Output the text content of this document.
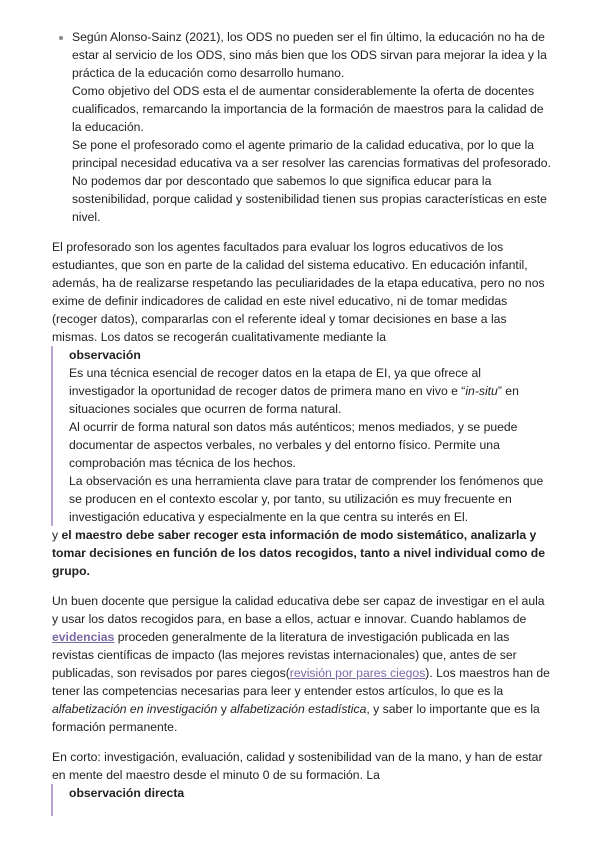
Según Alonso-Sainz (2021), los ODS no pueden ser el fin último, la educación no ha de
estar al servicio de los ODS, sino más bien que los ODS sirvan para mejorar la idea y la
práctica de la educación como desarrollo humano.
Como objetivo del ODS esta el de aumentar considerablemente la oferta de docentes
cualificados, remarcando la importancia de la formación de maestros para la calidad de
la educación.
Se pone el profesorado como el agente primario de la calidad educativa, por lo que la
principal necesidad educativa va a ser resolver las carencias formativas del profesorado.
No podemos dar por descontado que sabemos lo que significa educar para la
sostenibilidad, porque calidad y sostenibilidad tienen sus propias características en este
nivel.
El profesorado son los agentes facultados para evaluar los logros educativos de los
estudiantes, que son en parte de la calidad del sistema educativo. En educación infantil,
además, ha de realizarse respetando las peculiaridades de la etapa educativa, pero no nos
exime de definir indicadores de calidad en este nivel educativo, ni de tomar medidas
(recoger datos), compararlas con el referente ideal y tomar decisiones en base a las
mismas. Los datos se recogerán cualitativamente mediante la
observación
Es una técnica esencial de recoger datos en la etapa de EI, ya que ofrece al
investigador la oportunidad de recoger datos de primera mano en vivo e “in-situ” en
situaciones sociales que ocurren de forma natural.
Al ocurrir de forma natural son datos más auténticos; menos mediados, y se puede
documentar de aspectos verbales, no verbales y del entorno físico. Permite una
comprobación mas técnica de los hechos.
La observación es una herramienta clave para tratar de comprender los fenómenos que
se producen en el contexto escolar y, por tanto, su utilización es muy frecuente en
investigación educativa y especialmente en la que centra su interés en El.
y el maestro debe saber recoger esta información de modo sistemático, analizarla y
tomar decisiones en función de los datos recogidos, tanto a nivel individual como de
grupo.
Un buen docente que persigue la calidad educativa debe ser capaz de investigar en el aula
y usar los datos recogidos para, en base a ellos, actuar e innovar. Cuando hablamos de
evidencias proceden generalmente de la literatura de investigación publicada en las
revistas científicas de impacto (las mejores revistas internacionales) que, antes de ser
publicadas, son revisados por pares ciegos(revisión por pares ciegos). Los maestros han de
tener las competencias necesarias para leer y entender estos artículos, lo que es la
alfabetización en investigación y alfabetización estadística, y saber lo importante que es la
formación permanente.
En corto: investigación, evaluación, calidad y sostenibilidad van de la mano, y han de estar
en mente del maestro desde el minuto 0 de su formación. La
observación directa
